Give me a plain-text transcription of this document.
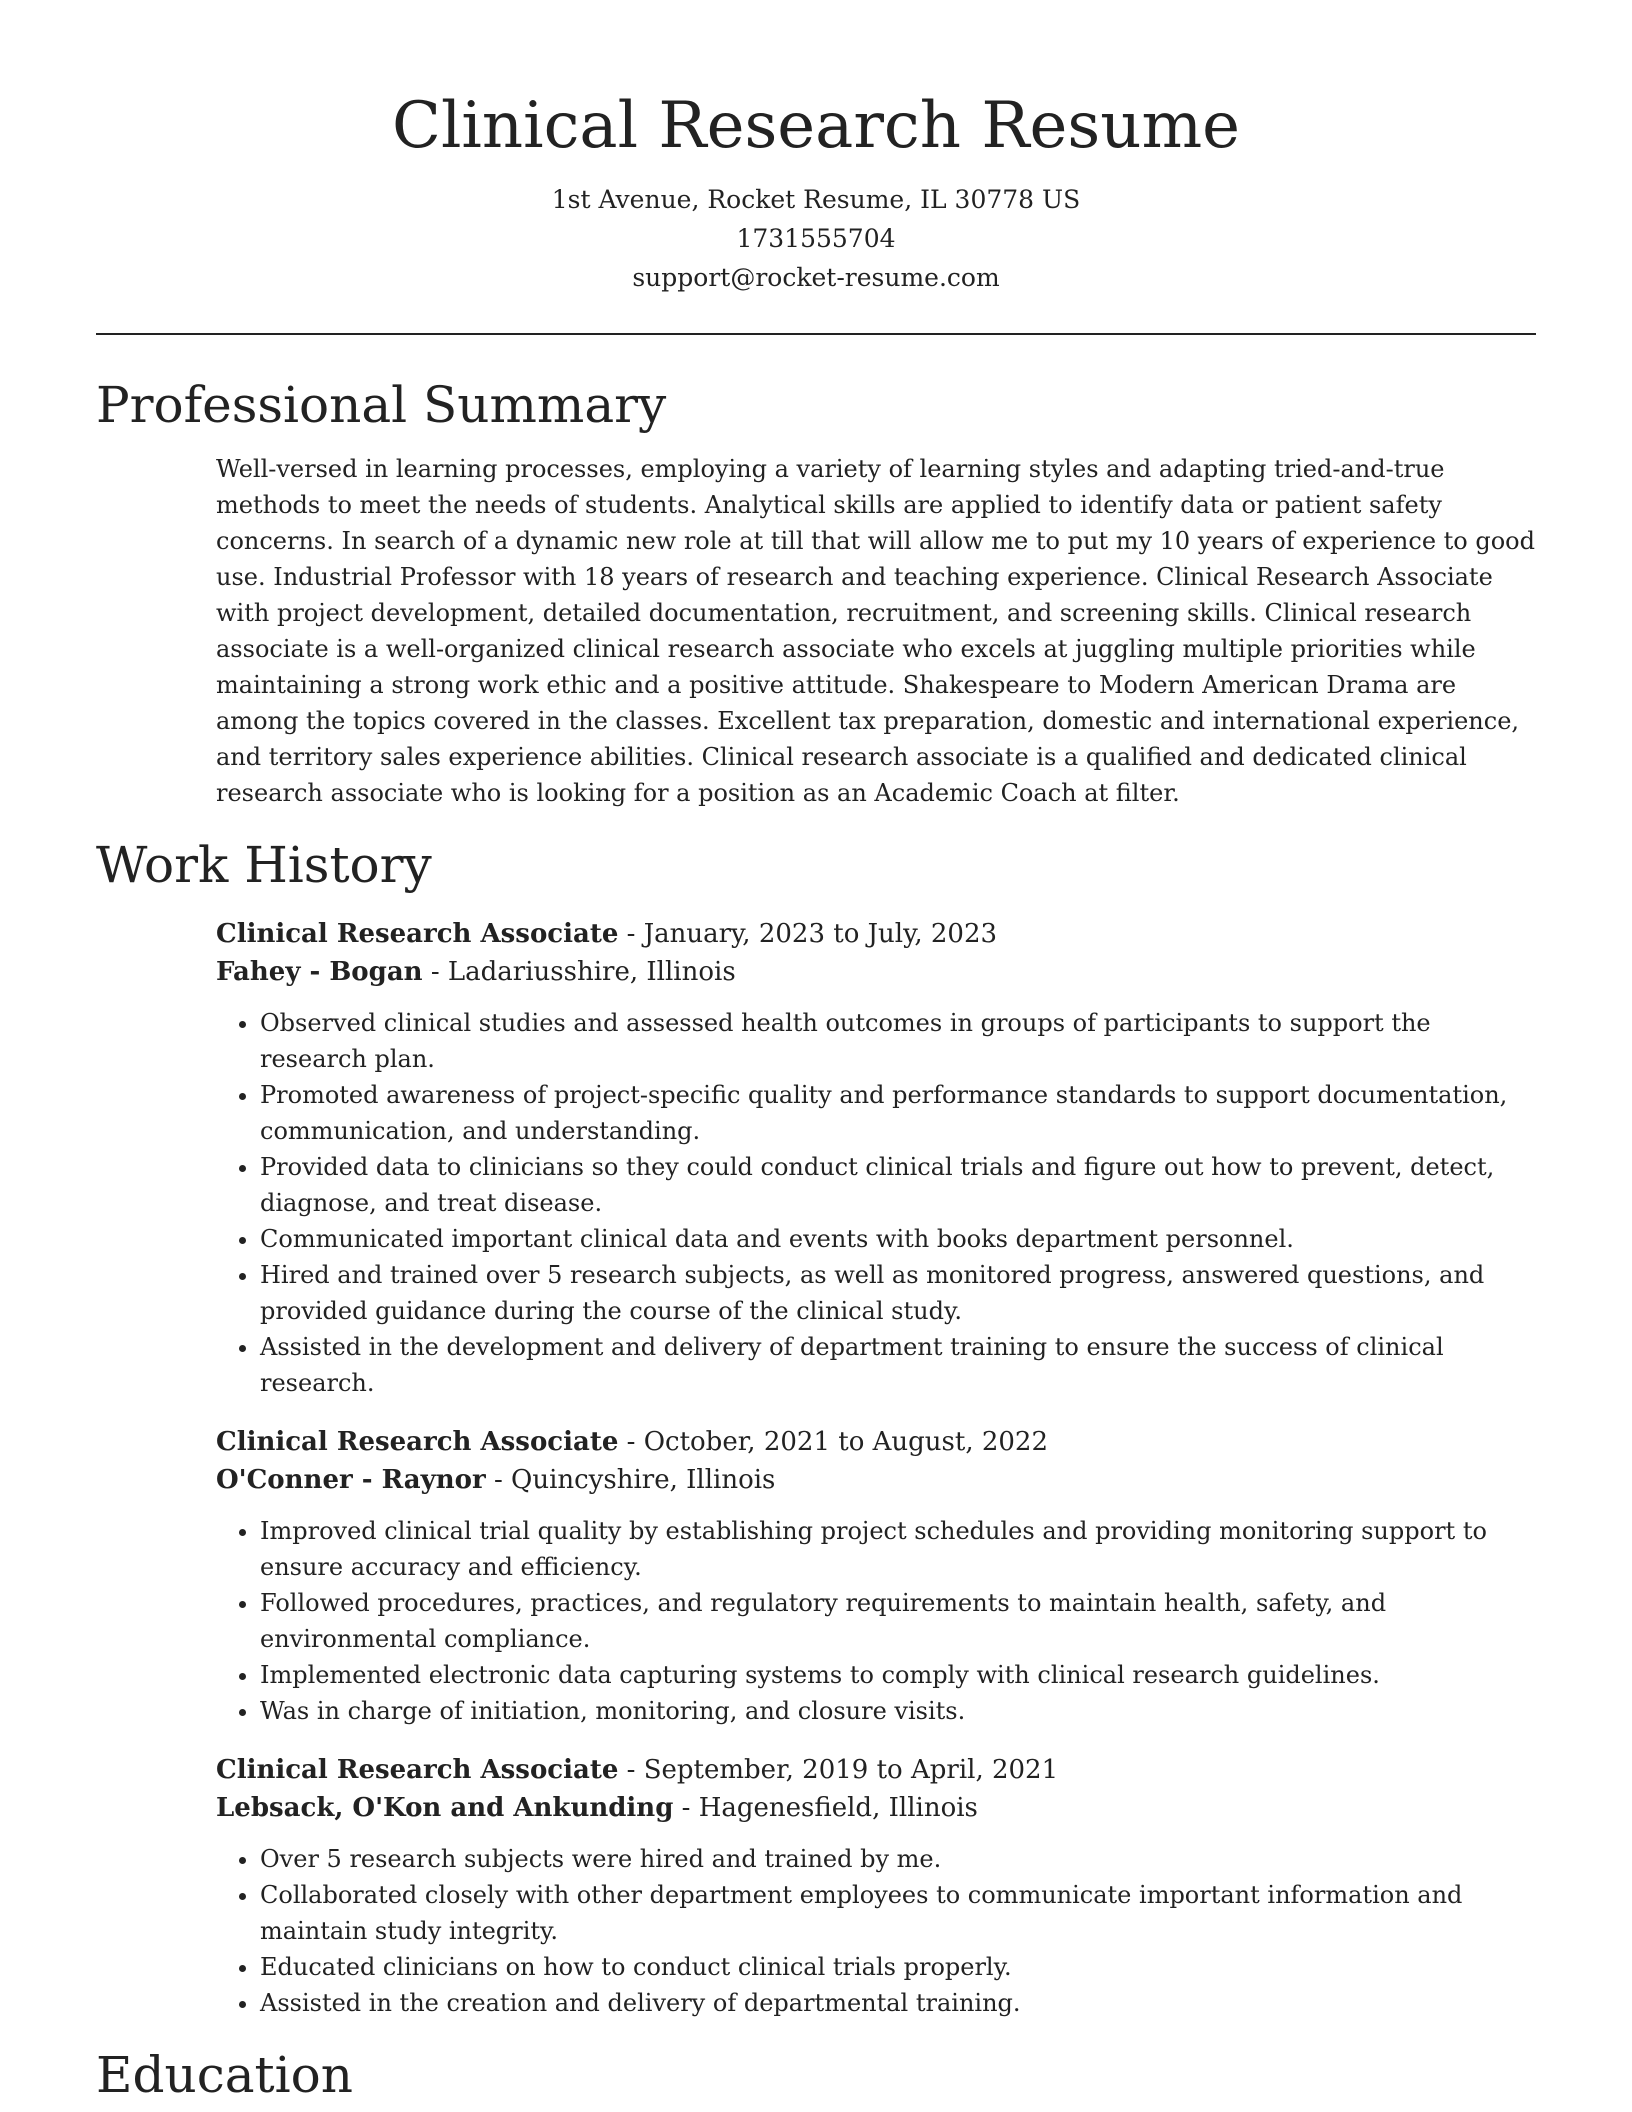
Clinical Research Resume

1st Avenue, Rocket Resume, IL 30778 US

1731555704

support@rocket-resume.com

Professional Summary

Well-versed in learning processes, employing a variety of learning styles and adapting tried-and-true methods to meet the needs of students. Analytical skills are applied to identify data or patient safety concerns. In search of a dynamic new role at till that will allow me to put my 10 years of experience to good use. Industrial Professor with 18 years of research and teaching experience. Clinical Research Associate with project development, detailed documentation, recruitment, and screening skills. Clinical research associate is a well-organized clinical research associate who excels at juggling multiple priorities while maintaining a strong work ethic and a positive attitude. Shakespeare to Modern American Drama are among the topics covered in the classes. Excellent tax preparation, domestic and international experience, and territory sales experience abilities. Clinical research associate is a qualified and dedicated clinical research associate who is looking for a position as an Academic Coach at filter.

Work History

Clinical Research Associate - January, 2023 to July, 2023

Fahey - Bogan - Ladariusshire, Illinois

• Observed clinical studies and assessed health outcomes in groups of participants to support the research plan.
• Promoted awareness of project-specific quality and performance standards to support documentation, communication, and understanding.
• Provided data to clinicians so they could conduct clinical trials and figure out how to prevent, detect, diagnose, and treat disease.
• Communicated important clinical data and events with books department personnel.
• Hired and trained over 5 research subjects, as well as monitored progress, answered questions, and provided guidance during the course of the clinical study.
• Assisted in the development and delivery of department training to ensure the success of clinical research.

Clinical Research Associate - October, 2021 to August, 2022

O'Conner - Raynor - Quincyshire, Illinois

• Improved clinical trial quality by establishing project schedules and providing monitoring support to ensure accuracy and efficiency.
• Followed procedures, practices, and regulatory requirements to maintain health, safety, and environmental compliance.
• Implemented electronic data capturing systems to comply with clinical research guidelines.
• Was in charge of initiation, monitoring, and closure visits.

Clinical Research Associate - September, 2019 to April, 2021

Lebsack, O'Kon and Ankunding - Hagenesfield, Illinois

• Over 5 research subjects were hired and trained by me.
• Collaborated closely with other department employees to communicate important information and maintain study integrity.
• Educated clinicians on how to conduct clinical trials properly.
• Assisted in the creation and delivery of departmental training.
Education
